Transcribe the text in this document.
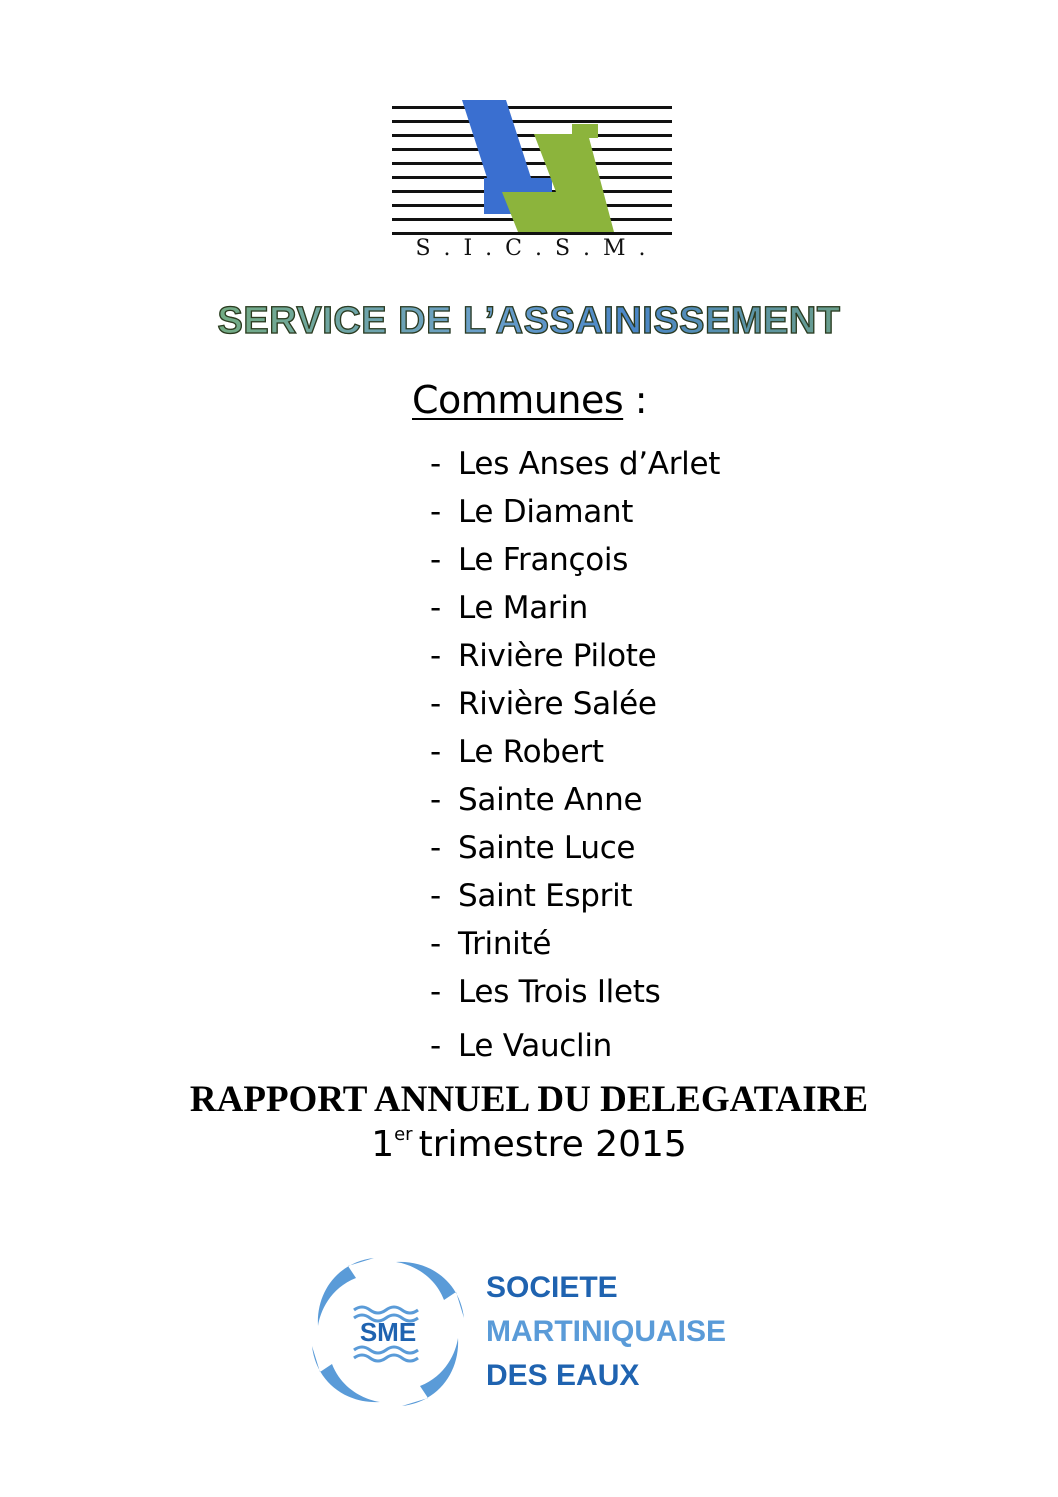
S . I . C . S . M .
SERVICE DE L’ASSAINISSEMENT
Communes :
- Les Anses d’Arlet
- Le Diamant
- Le François
- Le Marin
- Rivière Pilote
- Rivière Salée
- Le Robert
- Sainte Anne
- Sainte Luce
- Saint Esprit
- Trinité
- Les Trois Ilets
- Le Vauclin
RAPPORT ANNUEL DU DELEGATAIRE
1er trimestre 2015
SME
SOCIETE
MARTINIQUAISE
DES EAUX
